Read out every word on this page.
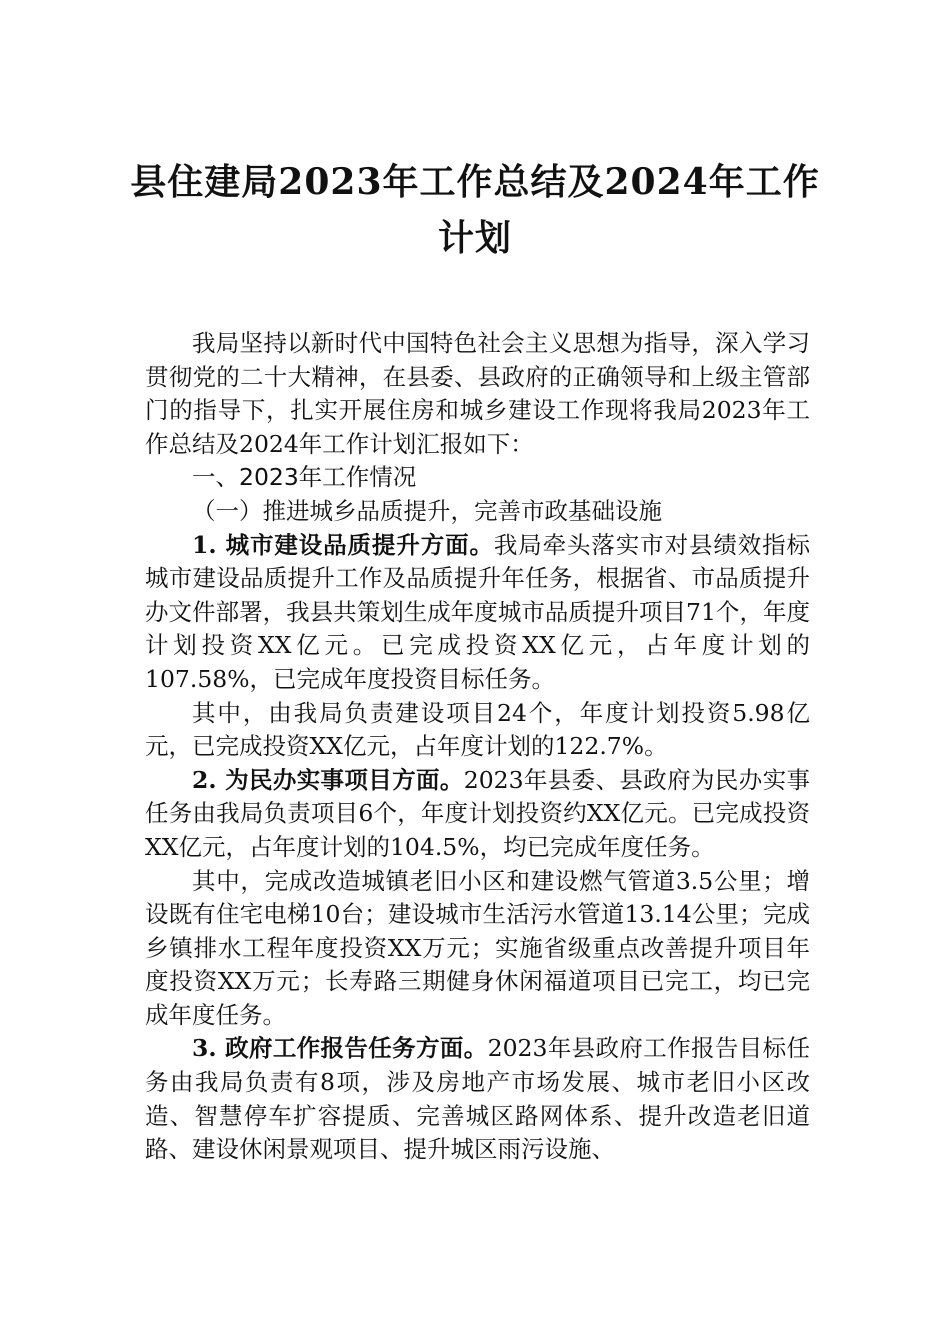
县住建局2023年工作总结及2024年工作计划

我局坚持以新时代中国特色社会主义思想为指导，深入学习贯彻党的二十大精神，在县委、县政府的正确领导和上级主管部门的指导下，扎实开展住房和城乡建设工作现将我局2023年工作总结及2024年工作计划汇报如下：

一、2023年工作情况

（一）推进城乡品质提升，完善市政基础设施

1. 城市建设品质提升方面。我局牵头落实市对县绩效指标城市建设品质提升工作及品质提升年任务，根据省、市品质提升办文件部署，我县共策划生成年度城市品质提升项目71个，年度计划投资XX亿元。已完成投资XX亿元，占年度计划的107.58%，已完成年度投资目标任务。

其中，由我局负责建设项目24个，年度计划投资5.98亿元，已完成投资XX亿元，占年度计划的122.7%。

2. 为民办实事项目方面。2023年县委、县政府为民办实事任务由我局负责项目6个，年度计划投资约XX亿元。已完成投资XX亿元，占年度计划的104.5%，均已完成年度任务。

其中，完成改造城镇老旧小区和建设燃气管道3.5公里；增设既有住宅电梯10台；建设城市生活污水管道13.14公里；完成乡镇排水工程年度投资XX万元；实施省级重点改善提升项目年度投资XX万元；长寿路三期健身休闲福道项目已完工，均已完成年度任务。

3. 政府工作报告任务方面。2023年县政府工作报告目标任务由我局负责有8项，涉及房地产市场发展、城市老旧小区改造、智慧停车扩容提质、完善城区路网体系、提升改造老旧道路、建设休闲景观项目、提升城区雨污设施、
